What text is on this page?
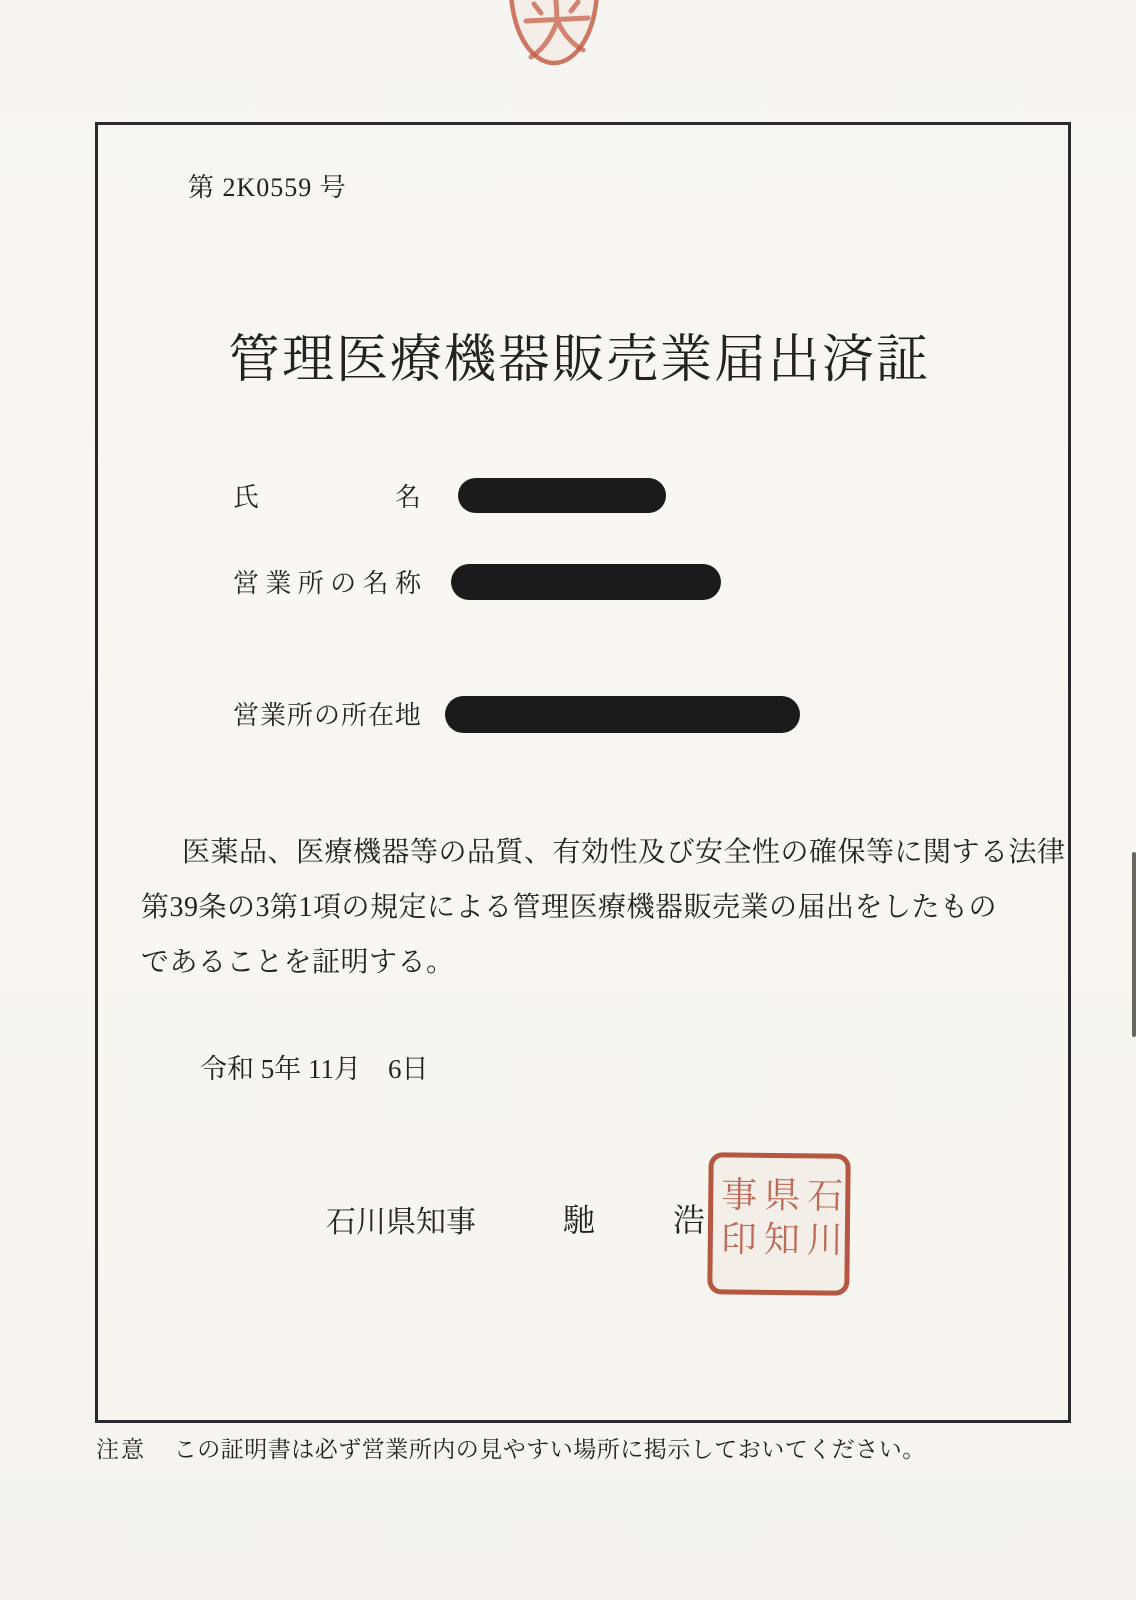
第 2K0559 号
管理医療機器販売業届出済証
氏	名
営 業 所 の 名 称
営 業 所 の 所 在 地
医薬品、医療機器等の品質、有効性及び安全性の確保等に関する法律
第39条の3第1項の規定による管理医療機器販売業の届出をしたもの
であることを証明する。
令和 5年 11月　6日
石川県知事	馳 浩	石川県知事印
注意 この証明書は必ず営業所内の見やすい場所に掲示しておいてください。
